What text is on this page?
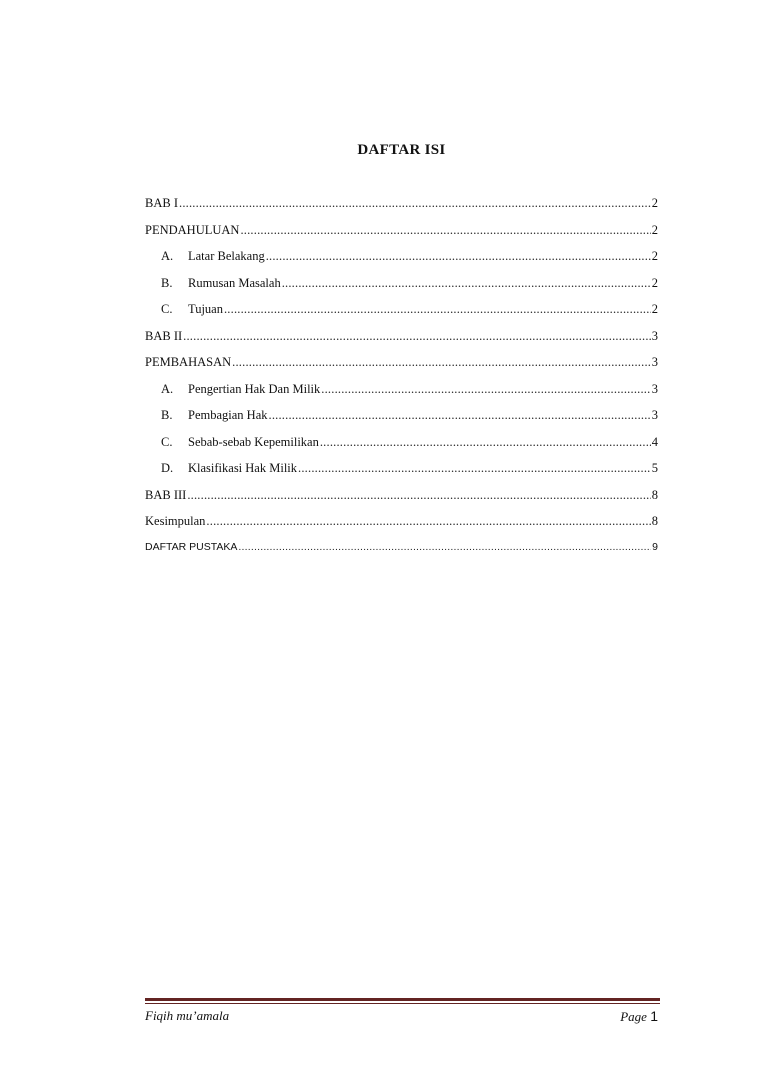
DAFTAR ISI
BAB I .....	2
PENDAHULUAN .....	2
A.	Latar Belakang .....	2
B.	Rumusan Masalah .....	2
C.	Tujuan .....	2
BAB II .....	3
PEMBAHASAN .....	3
A.	Pengertian Hak Dan Milik .....	3
B.	Pembagian Hak .....	3
C.	Sebab-sebab Kepemilikan .....	4
D.	Klasifikasi Hak Milik .....	5
BAB III .....	8
Kesimpulan .....	8
DAFTAR PUSTAKA .....	9
Fiqih mu’amala	Page 1
